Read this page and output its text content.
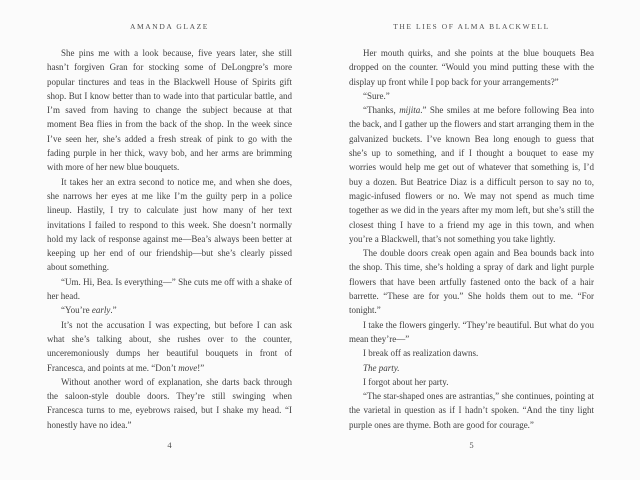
AMANDA GLAZE

She pins me with a look because, five years later, she still hasn’t forgiven Gran for stocking some of DeLongpre’s more popular tinctures and teas in the Blackwell House of Spirits gift shop. But I know better than to wade into that particular battle, and I’m saved from having to change the subject because at that moment Bea flies in from the back of the shop. In the week since I’ve seen her, she’s added a fresh streak of pink to go with the fading purple in her thick, wavy bob, and her arms are brimming with more of her new blue bouquets.

It takes her an extra second to notice me, and when she does, she narrows her eyes at me like I’m the guilty perp in a police lineup. Hastily, I try to calculate just how many of her text invitations I failed to respond to this week. She doesn’t normally hold my lack of response against me—Bea’s always been better at keeping up her end of our friendship—but she’s clearly pissed about something.

“Um. Hi, Bea. Is everything—” She cuts me off with a shake of her head.

“You’re early.”

It’s not the accusation I was expecting, but before I can ask what she’s talking about, she rushes over to the counter, unceremoniously dumps her beautiful bouquets in front of Francesca, and points at me. “Don’t move!”

Without another word of explanation, she darts back through the saloon-style double doors. They’re still swinging when Francesca turns to me, eyebrows raised, but I shake my head. “I honestly have no idea.”

4
THE LIES OF ALMA BLACKWELL

Her mouth quirks, and she points at the blue bouquets Bea dropped on the counter. “Would you mind putting these with the display up front while I pop back for your arrangements?”

“Sure.”

“Thanks, mijita.” She smiles at me before following Bea into the back, and I gather up the flowers and start arranging them in the galvanized buckets. I’ve known Bea long enough to guess that she’s up to something, and if I thought a bouquet to ease my worries would help me get out of whatever that something is, I’d buy a dozen. But Beatrice Diaz is a difficult person to say no to, magic-infused flowers or no. We may not spend as much time together as we did in the years after my mom left, but she’s still the closest thing I have to a friend my age in this town, and when you’re a Blackwell, that’s not something you take lightly.

The double doors creak open again and Bea bounds back into the shop. This time, she’s holding a spray of dark and light purple flowers that have been artfully fastened onto the back of a hair barrette. “These are for you.” She holds them out to me. “For tonight.”

I take the flowers gingerly. “They’re beautiful. But what do you mean they’re—”

I break off as realization dawns.

The party.

I forgot about her party.

“The star-shaped ones are astrantias,” she continues, pointing at the varietal in question as if I hadn’t spoken. “And the tiny light purple ones are thyme. Both are good for courage.”

5
